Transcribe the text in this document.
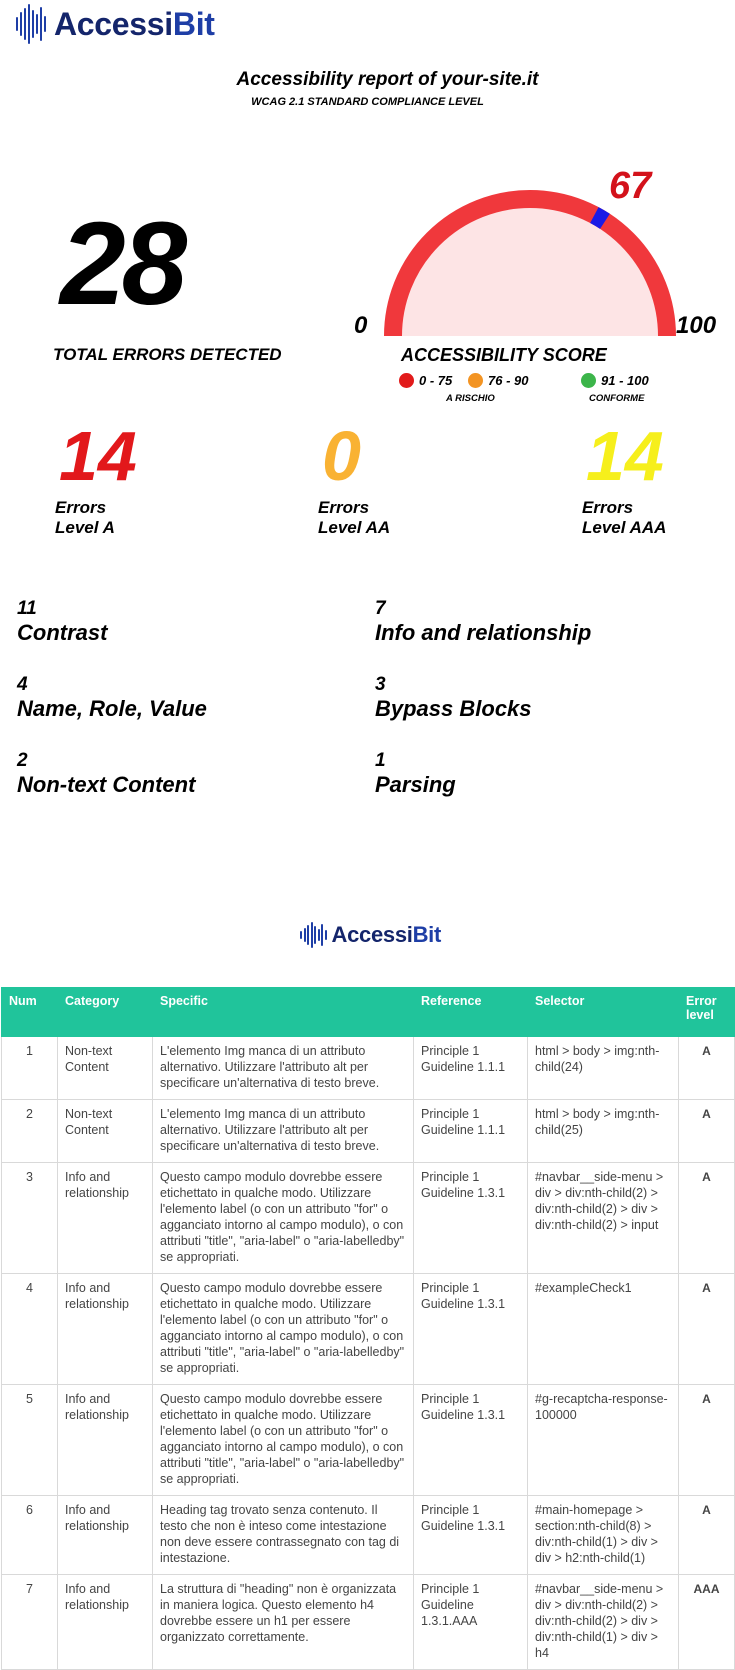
AccessiBit
Accessibility report of your-site.it
WCAG 2.1 STANDARD COMPLIANCE LEVEL
28
TOTAL ERRORS DETECTED
67
0	100
ACCESSIBILITY SCORE
0 - 75	76 - 90	91 - 100
A RISCHIO	CONFORME
14
Errors
Level A
0
Errors
Level AA
14
Errors
Level AAA
11
Contrast
7
Info and relationship
4
Name, Role, Value
3
Bypass Blocks
2
Non-text Content
1
Parsing
AccessiBit
Num	Category	Specific	Reference	Selector	Error level
1	Non-text Content	L'elemento Img manca di un attributo alternativo. Utilizzare l'attributo alt per specificare un'alternativa di testo breve.	Principle 1 Guideline 1.1.1	html > body > img:nth-child(24)	A
2	Non-text Content	L'elemento Img manca di un attributo alternativo. Utilizzare l'attributo alt per specificare un'alternativa di testo breve.	Principle 1 Guideline 1.1.1	html > body > img:nth-child(25)	A
3	Info and relationship	Questo campo modulo dovrebbe essere etichettato in qualche modo. Utilizzare l'elemento label (o con un attributo "for" o agganciato intorno al campo modulo), o con attributi "title", "aria-label" o "aria-labelledby" se appropriati.	Principle 1 Guideline 1.3.1	#navbar__side-menu > div > div:nth-child(2) > div:nth-child(2) > div > div:nth-child(2) > input	A
4	Info and relationship	Questo campo modulo dovrebbe essere etichettato in qualche modo. Utilizzare l'elemento label (o con un attributo "for" o agganciato intorno al campo modulo), o con attributi "title", "aria-label" o "aria-labelledby" se appropriati.	Principle 1 Guideline 1.3.1	#exampleCheck1	A
5	Info and relationship	Questo campo modulo dovrebbe essere etichettato in qualche modo. Utilizzare l'elemento label (o con un attributo "for" o agganciato intorno al campo modulo), o con attributi "title", "aria-label" o "aria-labelledby" se appropriati.	Principle 1 Guideline 1.3.1	#g-recaptcha-response-100000	A
6	Info and relationship	Heading tag trovato senza contenuto. Il testo che non è inteso come intestazione non deve essere contrassegnato con tag di intestazione.	Principle 1 Guideline 1.3.1	#main-homepage > section:nth-child(8) > div:nth-child(1) > div > div > h2:nth-child(1)	A
7	Info and relationship	La struttura di "heading" non è organizzata in maniera logica. Questo elemento h4 dovrebbe essere un h1 per essere organizzato correttamente.	Principle 1 Guideline 1.3.1.AAA	#navbar__side-menu > div > div:nth-child(2) > div:nth-child(2) > div > div:nth-child(1) > div > h4	AAA
